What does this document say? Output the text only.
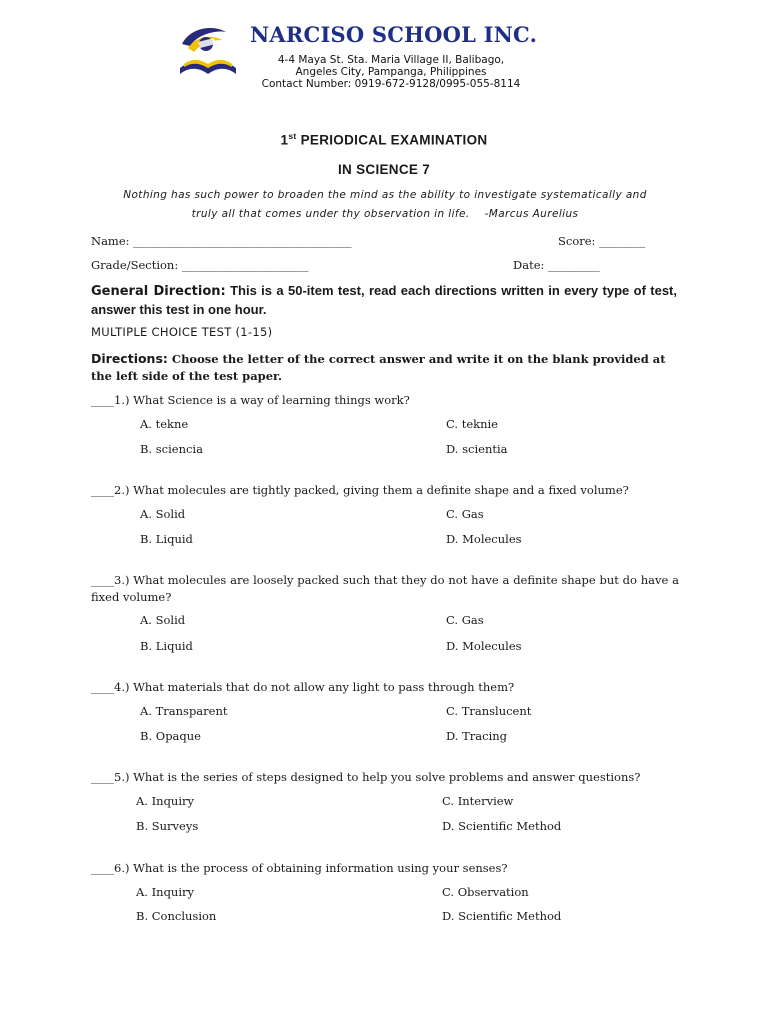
NARCISO SCHOOL INC.
4-4 Maya St. Sta. Maria Village II, Balibago,
Angeles City, Pampanga, Philippines
Contact Number: 0919-672-9128/0995-055-8114
1st PERIODICAL EXAMINATION
IN SCIENCE 7
Nothing has such power to broaden the mind as the ability to investigate systematically and
truly all that comes under thy observation in life.    -Marcus Aurelius
Name: ______________________________________	Score: ________
Grade/Section: ______________________	Date: _________
General Direction: This is a 50-item test, read each directions written in every type of test, answer this test in one hour.
MULTIPLE CHOICE TEST (1-15)
Directions: Choose the letter of the correct answer and write it on the blank provided at the left side of the test paper.
____1.) What Science is a way of learning things work?
A. tekne	C. teknie
B. sciencia	D. scientia
____2.) What molecules are tightly packed, giving them a definite shape and a fixed volume?
A. Solid	C. Gas
B. Liquid	D. Molecules
____3.) What molecules are loosely packed such that they do not have a definite shape but do have a fixed volume?
A. Solid	C. Gas
B. Liquid	D. Molecules
____4.) What materials that do not allow any light to pass through them?
A. Transparent	C. Translucent
B. Opaque	D. Tracing
____5.) What is the series of steps designed to help you solve problems and answer questions?
A. Inquiry	C. Interview
B. Surveys	D. Scientific Method
____6.) What is the process of obtaining information using your senses?
A. Inquiry	C. Observation
B. Conclusion	D. Scientific Method
